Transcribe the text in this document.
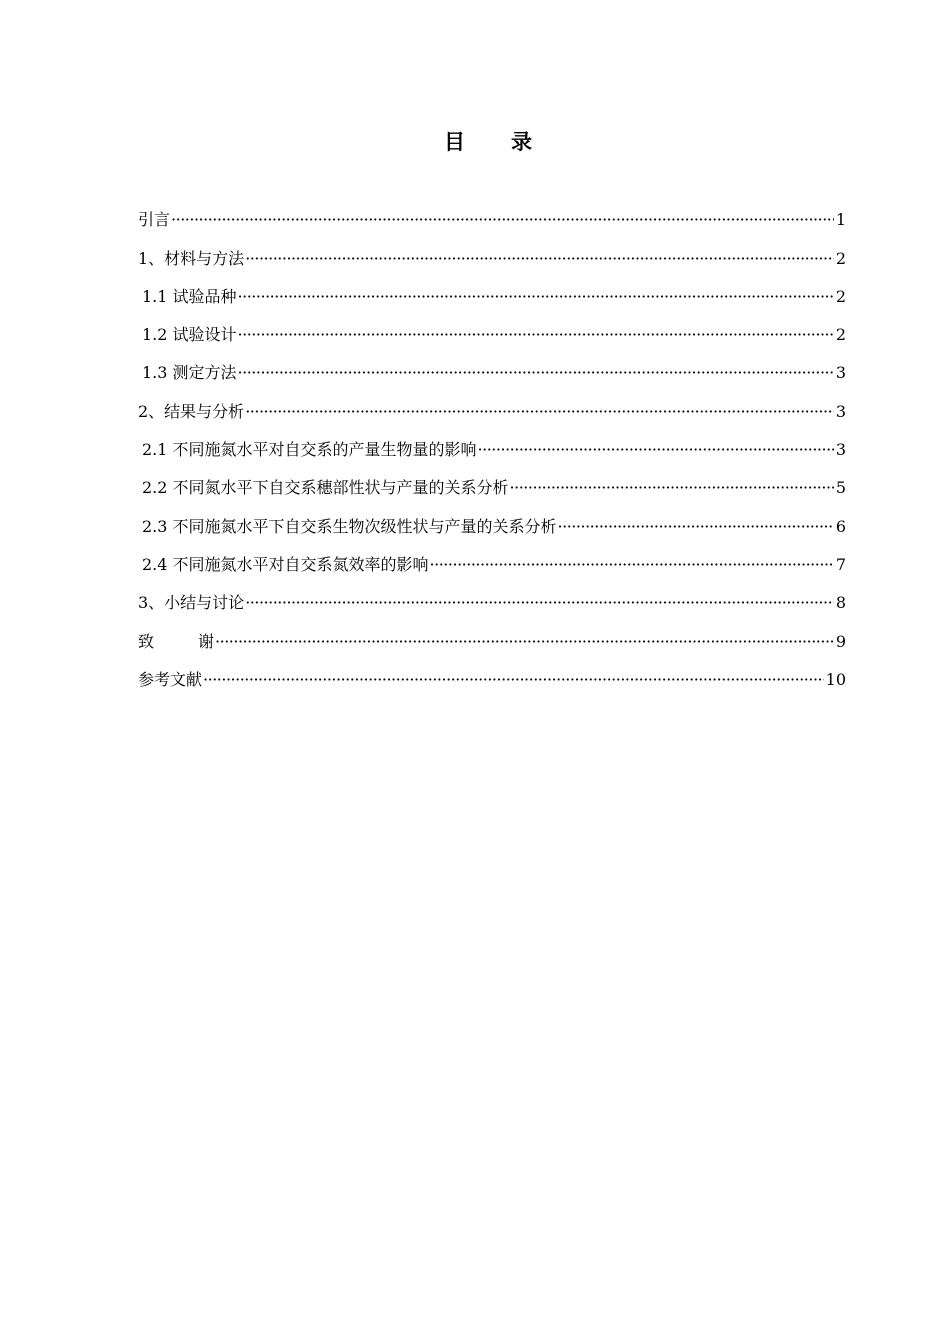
目 录
引言 ·····	1
1、材料与方法 ·····	2
1.1 试验品种 ·····	2
1.2 试验设计 ·····	2
1.3 测定方法 ·····	3
2、结果与分析 ·····	3
2.1 不同施氮水平对自交系的产量生物量的影响 ·····	3
2.2 不同氮水平下自交系穗部性状与产量的关系分析 ·····	5
2.3 不同施氮水平下自交系生物次级性状与产量的关系分析 ·····	6
2.4 不同施氮水平对自交系氮效率的影响 ·····	7
3、小结与讨论 ·····	8
致	谢 ·····	9
参考文献 ·····	10
